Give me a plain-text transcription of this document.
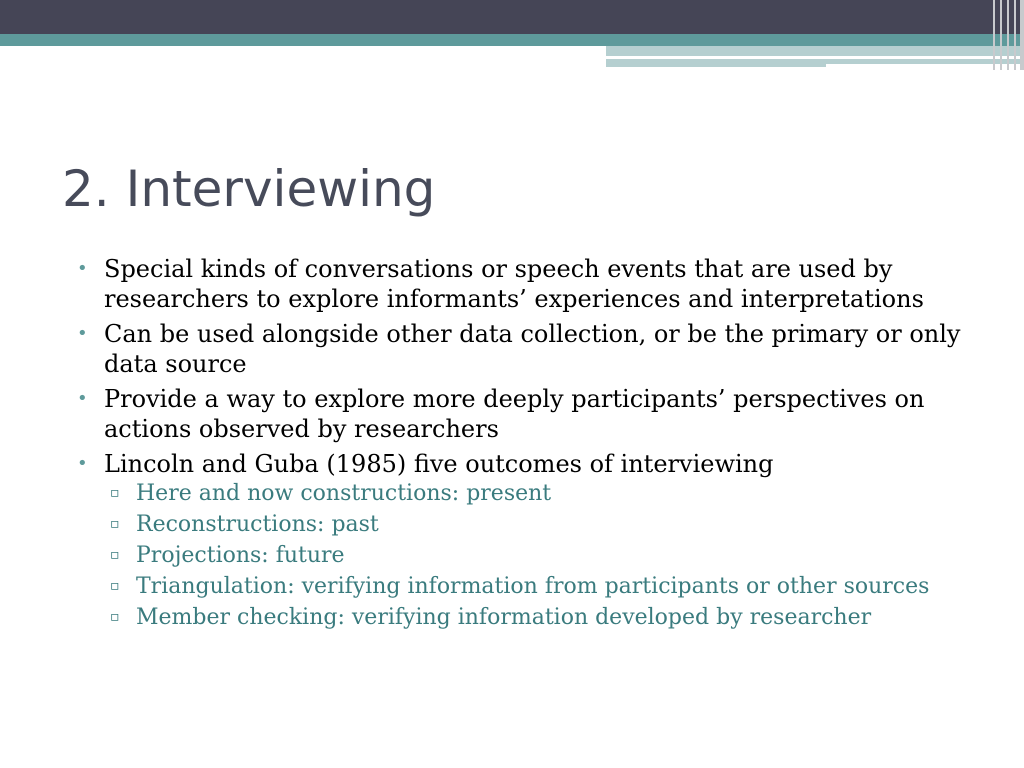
2. Interviewing
• Special kinds of conversations or speech events that are used by researchers to explore informants’ experiences and interpretations
• Can be used alongside other data collection, or be the primary or only data source
• Provide a way to explore more deeply participants’ perspectives on actions observed by researchers
• Lincoln and Guba (1985) five outcomes of interviewing
▫ Here and now constructions: present
▫ Reconstructions: past
▫ Projections: future
▫ Triangulation: verifying information from participants or other sources
▫ Member checking: verifying information developed by researcher
